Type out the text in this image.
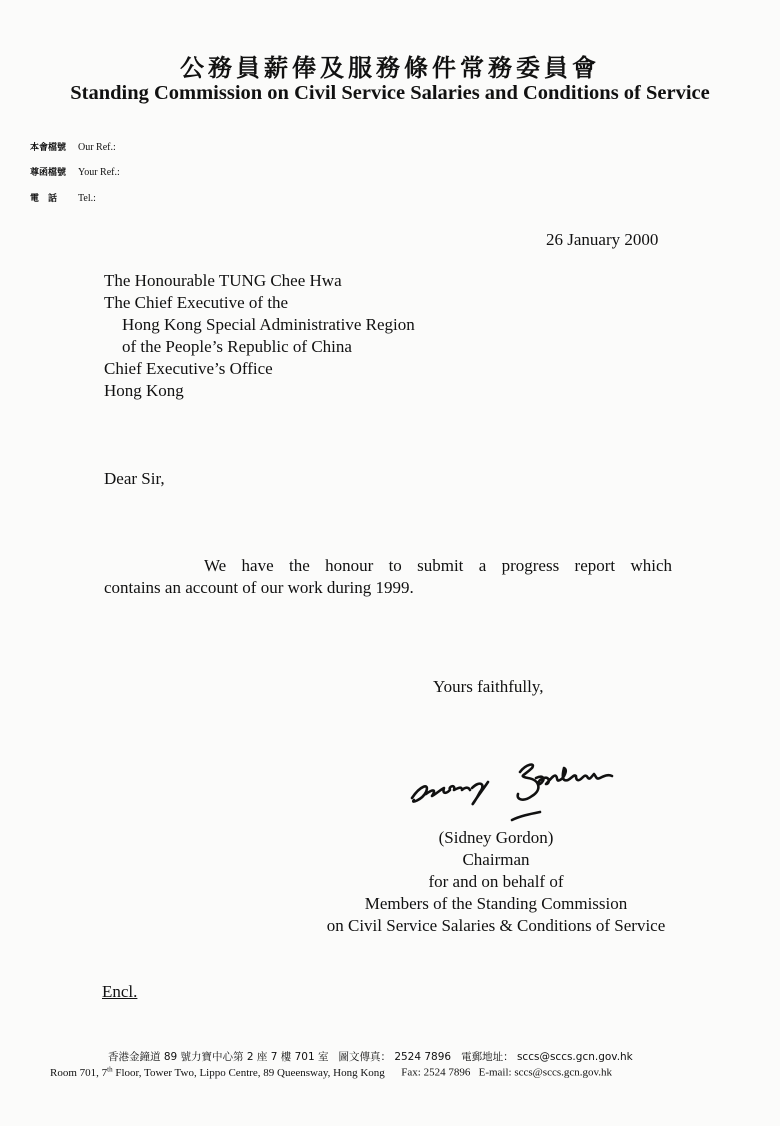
公務員薪俸及服務條件常務委員會
Standing Commission on Civil Service Salaries and Conditions of Service
本會檔號 Our Ref.:
尊函檔號 Your Ref.:
電　話 Tel.:
26 January 2000
The Honourable TUNG Chee Hwa
The Chief Executive of the
Hong Kong Special Administrative Region
of the People’s Republic of China
Chief Executive’s Office
Hong Kong
Dear Sir,

We have the honour to submit a progress report which

contains an account of our work during 1999.

Yours faithfully,
(Sidney Gordon)
Chairman
for and on behalf of
Members of the Standing Commission
on Civil Service Salaries & Conditions of Service
Encl.
香港金鐘道 89 號力寶中心第 2 座 7 樓 701 室 圖文傳真： 2524 7896 電郵地址： sccs@sccs.gcn.gov.hk
Room 701, 7th Floor, Tower Two, Lippo Centre, 89 Queensway, Hong Kong Fax: 2524 7896 E-mail: sccs@sccs.gcn.gov.hk
